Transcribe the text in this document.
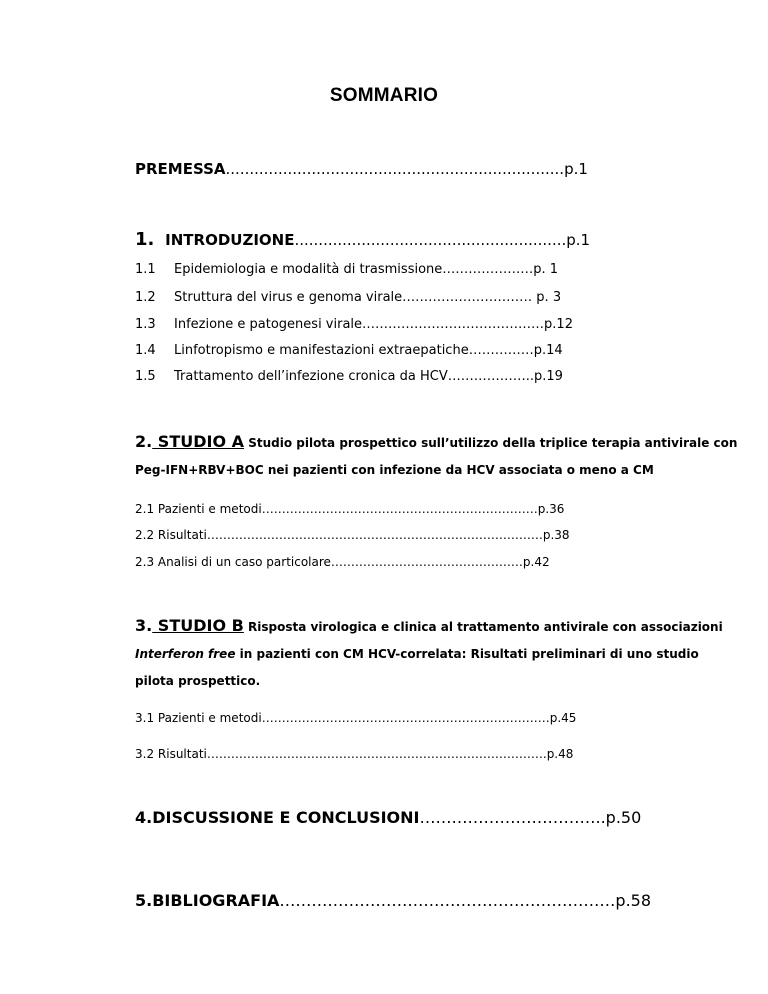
SOMMARIO
PREMESSA.......................................................................p.1
1. INTRODUZIONE.........................................................p.1
1.1 Epidemiologia e modalità di trasmissione…………………p. 1
1.2 Struttura del virus e genoma virale………………………… p. 3
1.3 Infezione e patogenesi virale……………………………………p.12
1.4 Linfotropismo e manifestazioni extraepatiche……………p.14
1.5 Trattamento dell’infezione cronica da HCV………………..p.19
2. STUDIO A Studio pilota prospettico sull’utilizzo della triplice terapia antivirale con
Peg-IFN+RBV+BOC nei pazienti con infezione da HCV associata o meno a CM
2.1 Pazienti e metodi……………………………………………………………p.36
2.2 Risultati…………………………………………………………………………p.38
2.3 Analisi di un caso particolare…………………………………………p.42
3. STUDIO B Risposta virologica e clinica al trattamento antivirale con associazioni
Interferon free in pazienti con CM HCV-correlata: Risultati preliminari di uno studio
pilota prospettico.
3.1 Pazienti e metodi………………………………………………………………p.45
3.2 Risultati………………………………………………………………………….p.48
4.DISCUSSIONE E CONCLUSIONI……………………………..p.50
5.BIBLIOGRAFIA………………………………………………………p.58
